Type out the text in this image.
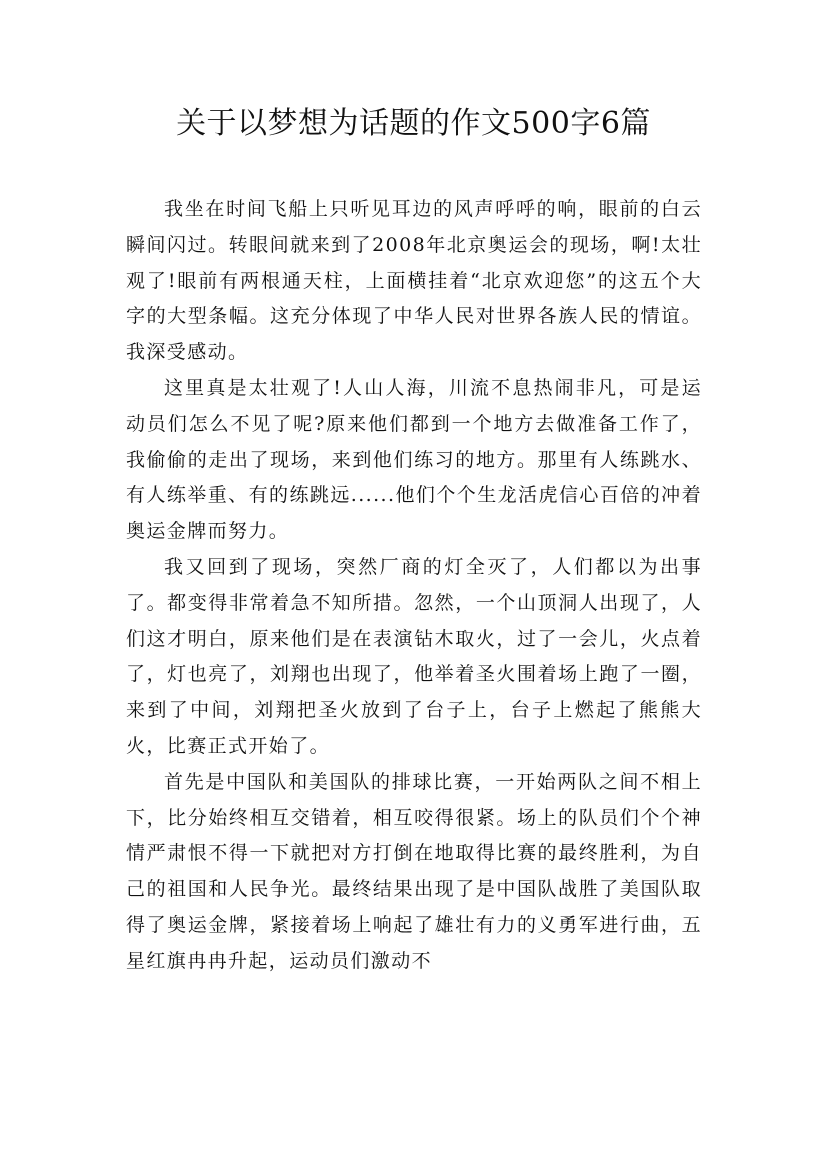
关于以梦想为话题的作文500字6篇

我坐在时间飞船上只听见耳边的风声呼呼的响，眼前的白云瞬间闪过。转眼间就来到了2008年北京奥运会的现场，啊!太壮观了!眼前有两根通天柱，上面横挂着“北京欢迎您”的这五个大字的大型条幅。这充分体现了中华人民对世界各族人民的情谊。我深受感动。

这里真是太壮观了!人山人海，川流不息热闹非凡，可是运动员们怎么不见了呢?原来他们都到一个地方去做准备工作了，我偷偷的走出了现场，来到他们练习的地方。那里有人练跳水、有人练举重、有的练跳远......他们个个生龙活虎信心百倍的冲着奥运金牌而努力。

我又回到了现场，突然厂商的灯全灭了，人们都以为出事了。都变得非常着急不知所措。忽然，一个山顶洞人出现了，人们这才明白，原来他们是在表演钻木取火，过了一会儿，火点着了，灯也亮了，刘翔也出现了，他举着圣火围着场上跑了一圈，来到了中间，刘翔把圣火放到了台子上，台子上燃起了熊熊大火，比赛正式开始了。

首先是中国队和美国队的排球比赛，一开始两队之间不相上下，比分始终相互交错着，相互咬得很紧。场上的队员们个个神情严肃恨不得一下就把对方打倒在地取得比赛的最终胜利，为自己的祖国和人民争光。最终结果出现了是中国队战胜了美国队取得了奥运金牌，紧接着场上响起了雄壮有力的义勇军进行曲，五星红旗冉冉升起，运动员们激动不
